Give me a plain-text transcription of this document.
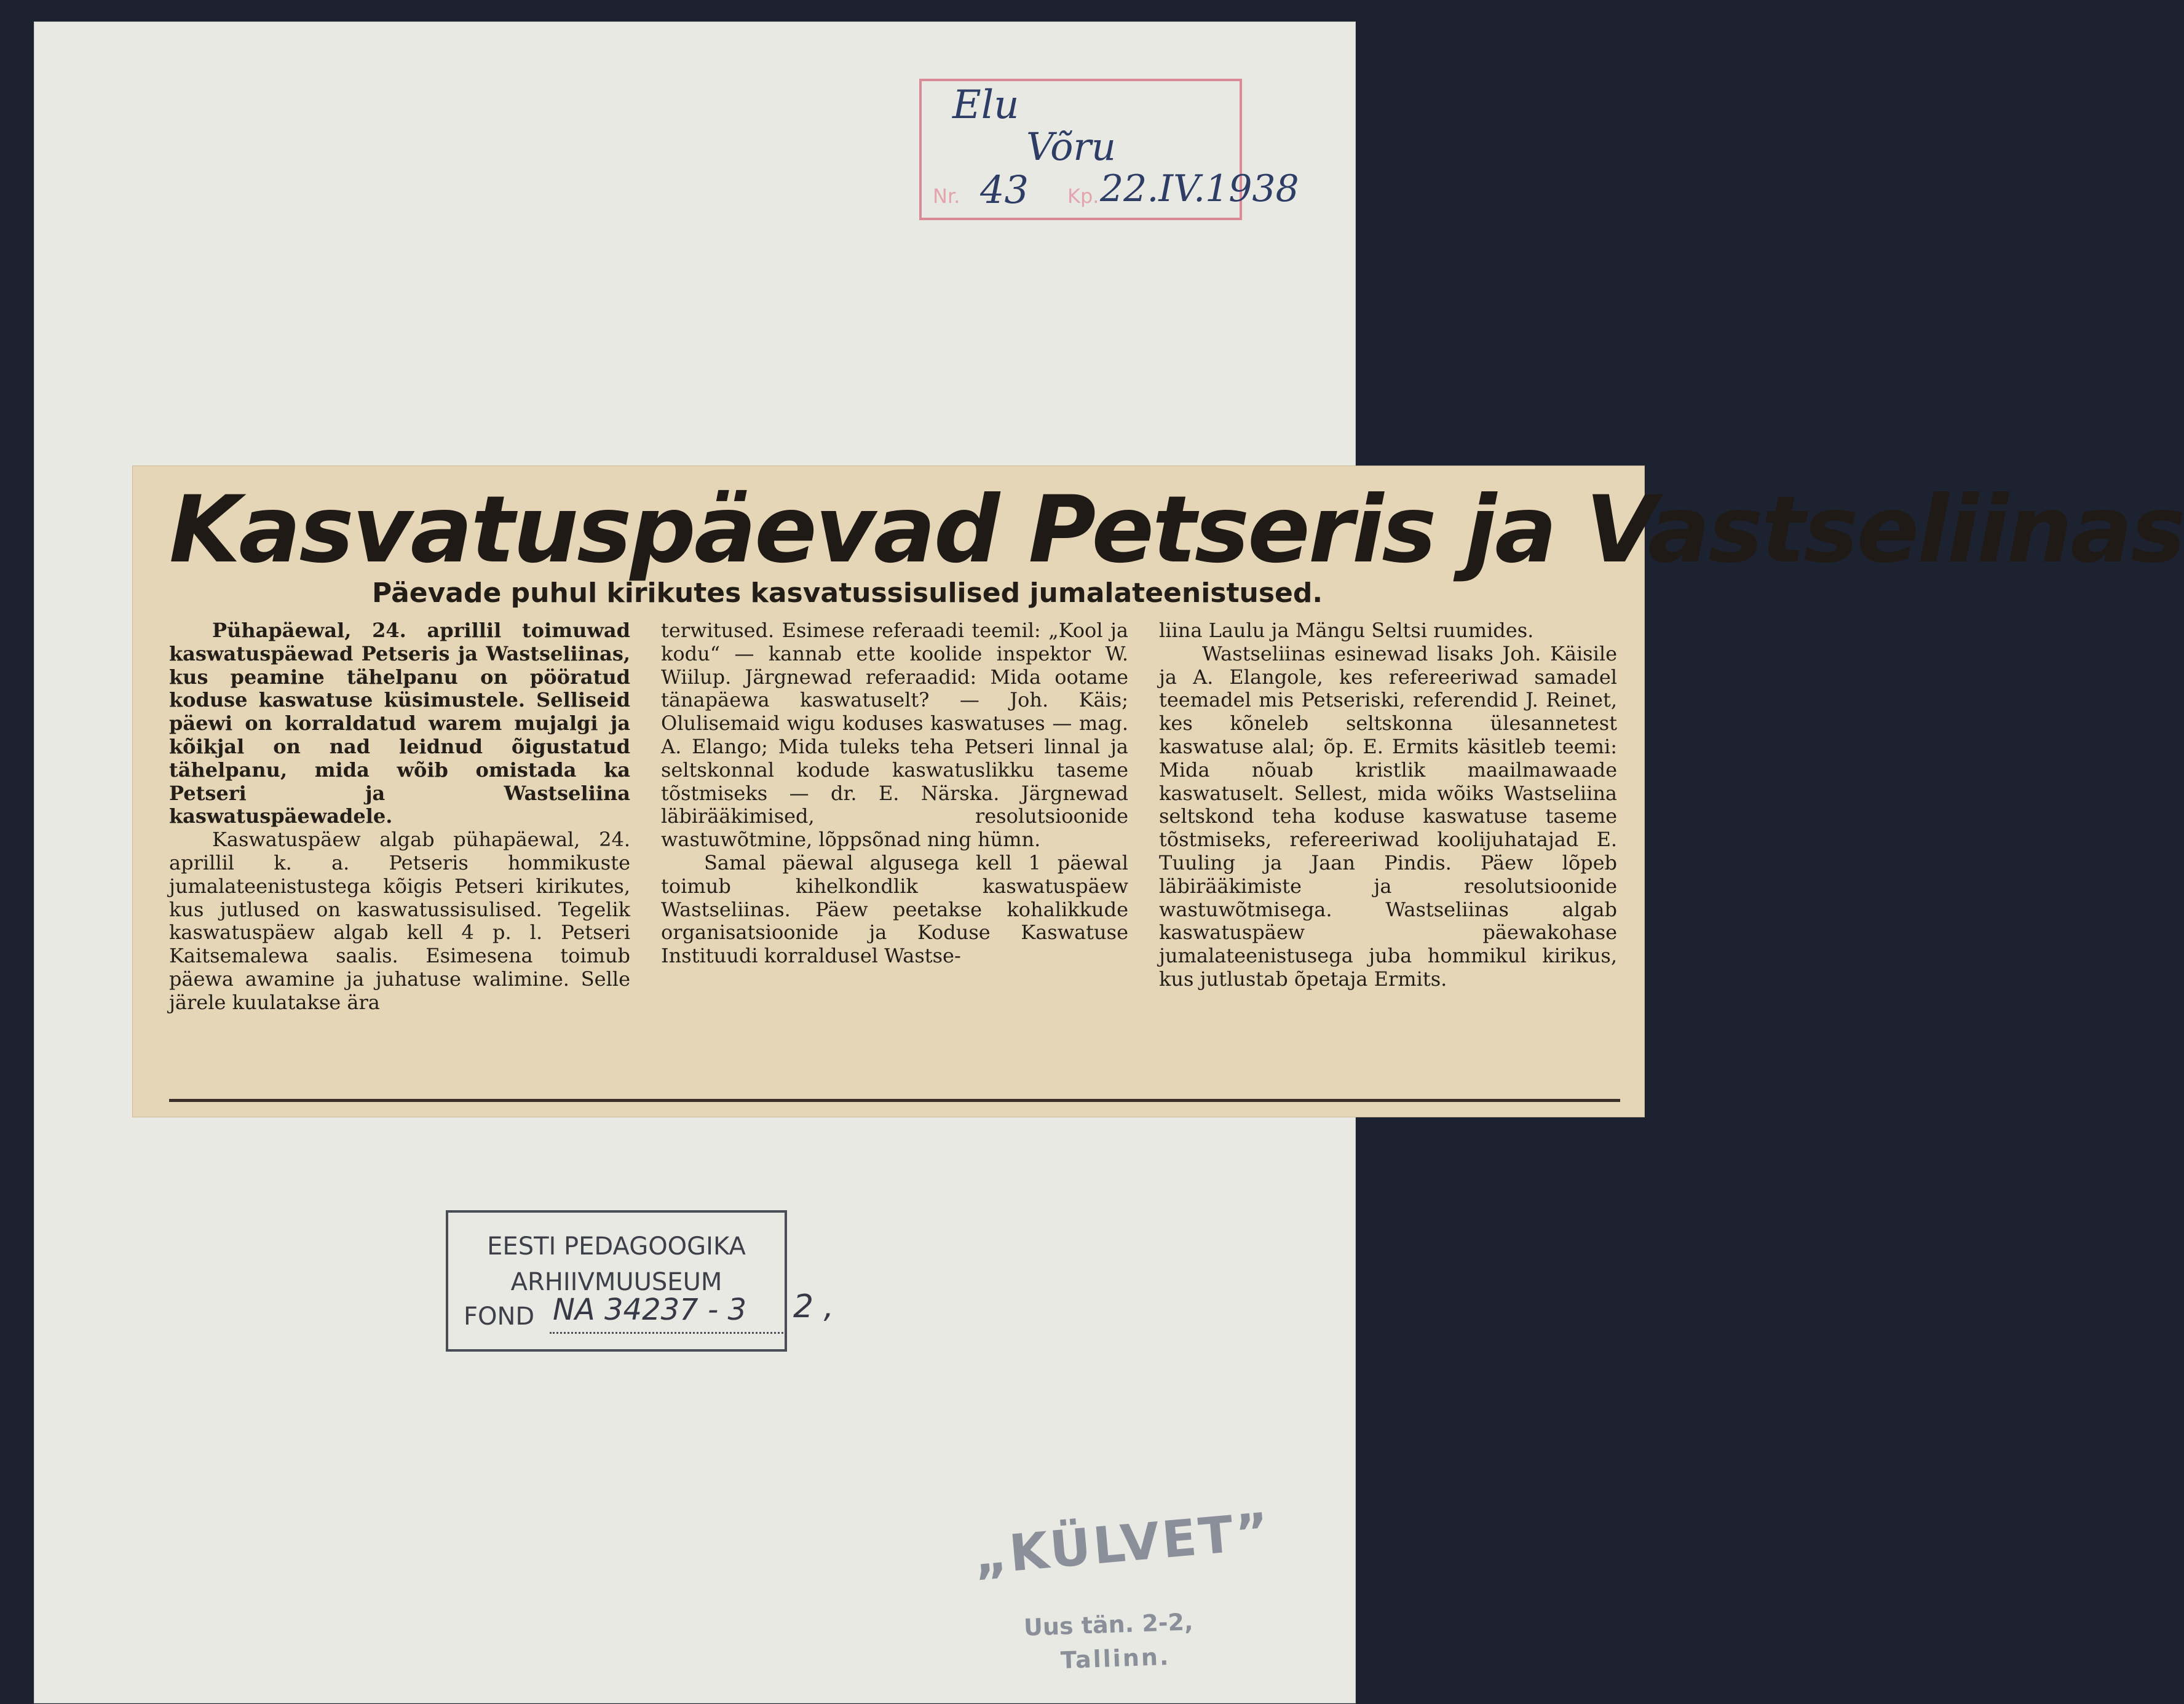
Nr.	Kp.
Elu
Võru
43 22.IV.1938
Kasvatuspäevad Petseris ja Vastseliinas
Päevade puhul kirikutes kasvatussisulised jumalateenistused.

Pühapäewal, 24. aprillil toimuwad kaswatuspäewad Petseris ja Wastseliinas, kus peamine tähelpanu on pööratud koduse kaswatuse küsimustele. Selliseid päewi on korraldatud warem mujalgi ja kõikjal on nad leidnud õigustatud tähelpanu, mida wõib omistada ka Petseri ja Wastseliina kaswatuspäewadele.

Kaswatuspäew algab pühapäewal, 24. aprillil k. a. Petseris hommikuste jumalateenistustega kõigis Petseri kirikutes, kus jutlused on kaswatussisulised. Tegelik kaswatuspäew algab kell 4 p. l. Petseri Kaitsemalewa saalis. Esimesena toimub päewa awamine ja juhatuse walimine. Selle järele kuulatakse ära

terwitused. Esimese referaadi teemil: „Kool ja kodu“ — kannab ette koolide inspektor W. Wiilup. Järgnewad referaadid: Mida ootame tänapäewa kaswatuselt? — Joh. Käis; Olulisemaid wigu koduses kaswatuses — mag. A. Elango; Mida tuleks teha Petseri linnal ja seltskonnal kodude kaswatuslikku taseme tõstmiseks — dr. E. Närska. Järgnewad läbirääkimised, resolutsioonide wastuwõtmine, lõppsõnad ning hümn.

Samal päewal algusega kell 1 päewal toimub kihelkondlik kaswatuspäew Wastseliinas. Päew peetakse kohalikkude organisatsioonide ja Koduse Kaswatuse Instituudi korraldusel Wastse-

liina Laulu ja Mängu Seltsi ruumides.

Wastseliinas esinewad lisaks Joh. Käisile ja A. Elangole, kes refereeriwad samadel teemadel mis Petseriski, referendid J. Reinet, kes kõneleb seltskonna ülesannetest kaswatuse alal; õp. E. Ermits käsitleb teemi: Mida nõuab kristlik maailmawaade kaswatuselt. Sellest, mida wõiks Wastseliina seltskond teha koduse kaswatuse taseme tõstmiseks, refereeriwad koolijuhatajad E. Tuuling ja Jaan Pindis. Päew lõpeb läbirääkimiste ja resolutsioonide wastuwõtmisega. Wastseliinas algab kaswatuspäew päewakohase jumalateenistusega juba hommikul kirikus, kus jutlustab õpetaja Ermits.

EESTI PEDAGOOGIKA
ARHIIVMUUSEUM
FOND NA 34237 - 3	2 ,
„KÜLVET”
Uus tän. 2-2,
Tallinn.
